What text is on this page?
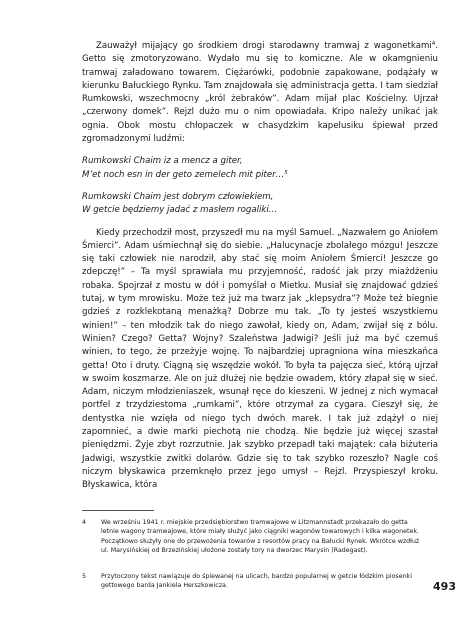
Zauważył mijający go środkiem drogi starodawny tramwaj z wagonetkami$^4$. Getto się zmotoryzowano. Wydało mu się to komiczne. Ale w okamgnieniu tramwaj załadowano towarem. Ciężarówki, podobnie zapakowane, podążały w kierunku Bałuckiego Rynku. Tam znajdowała się administracja getta. I tam siedział Rumkowski, wszechmocny „król żebraków”. Adam mijał plac Kościelny. Ujrzał „czerwony domek”. Rejzl dużo mu o nim opowiadała. Kripo należy unikać jak ognia. Obok mostu chłopaczek w chasydzkim kapelusiku śpiewał przed zgromadzonymi ludźmi:

Rumkowski Chaim iz a mencz a giter,

M’et noch esn in der geto zemelech mit piter…$^5$

Rumkowski Chaim jest dobrym człowiekiem,

W getcie będziemy jadać z masłem rogaliki…

Kiedy przechodził most, przyszedł mu na myśl Samuel. „Nazwałem go Aniołem Śmierci”. Adam uśmiechnął się do siebie. „Halucynacje zbolałego mózgu! Jeszcze się taki człowiek nie narodził, aby stać się moim Aniołem Śmierci! Jeszcze go zdepczę!” – Ta myśl sprawiała mu przyjemność, radość jak przy miażdżeniu robaka. Spojrzał z mostu w dół i pomyślał o Mietku. Musiał się znajdować gdzieś tutaj, w tym mrowisku. Może też już ma twarz jak „klepsydra”? Może też biegnie gdzieś z rozklekotaną menażką? Dobrze mu tak. „To ty jesteś wszystkiemu winien!” – ten młodzik tak do niego zawołał, kiedy on, Adam, zwijał się z bólu. Winien? Czego? Getta? Wojny? Szaleństwa Jadwigi? Jeśli już ma być czemuś winien, to tego, że przeżyje wojnę. To najbardziej upragniona wina mieszkańca getta! Oto i druty. Ciągną się wszędzie wokół. To była ta pajęcza sieć, którą ujrzał w swoim koszmarze. Ale on już dłużej nie będzie owadem, który złapał się w sieć. Adam, niczym młodzieniaszek, wsunął ręce do kieszeni. W jednej z nich wymacał portfel z trzydziestoma „rumkami”, które otrzymał za cygara. Cieszył się, że dentystka nie wzięła od niego tych dwóch marek. I tak już zdążył o niej zapomnieć, a dwie marki piechotą nie chodzą. Nie będzie już więcej szastał pieniędzmi. Żyje zbyt rozrzutnie. Jak szybko przepadł taki majątek: cała biżuteria Jadwigi, wszystkie zwitki dolarów. Gdzie się to tak szybko rozeszło? Nagle coś niczym błyskawica przemknęło przez jego umysł – Rejzl. Przyspieszył kroku. Błyskawica, która

4 We wrześniu 1941 r. miejskie przedsiębiorstwo tramwajowe w Litzmannstadt przekazało do getta letnie wagony tramwajowe, które miały służyć jako ciągniki wagonów towarowych i kilka wagonetek. Początkowo służyły one do przewożenia towarów z resortów pracy na Bałucki Rynek. Wkrótce wzdłuż ul. Marysińskiej od Brzezińskiej ułożone zostały tory na dworzec Marysin (Radegast).
5 Przytoczony tekst nawiązuje do śpiewanej na ulicach, bardzo popularnej w getcie łódzkim piosenki gettowego barda Jankiela Herszkowicza.	493
